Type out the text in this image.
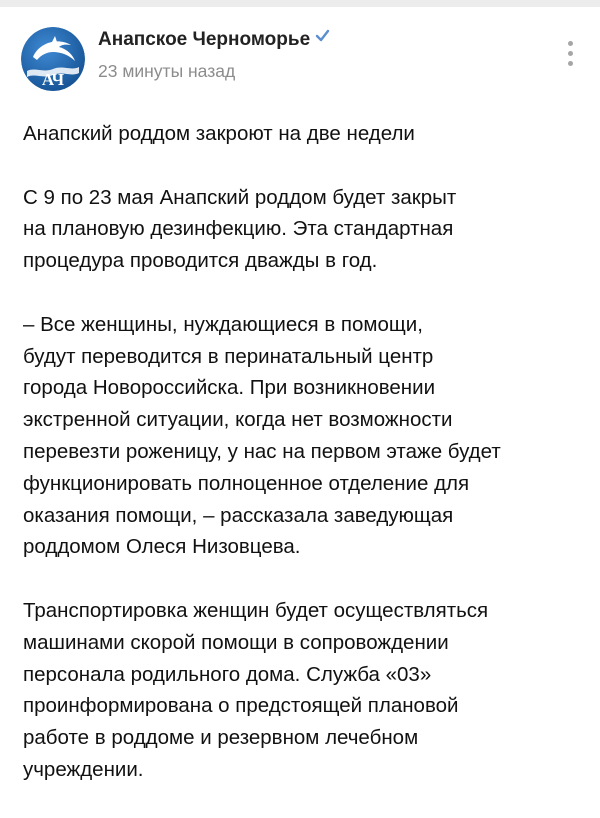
АЧ
Анапское Черноморье
23 минуты назад

Анапский роддом закроют на две недели

С 9 по 23 мая Анапский роддом будет закрыт
на плановую дезинфекцию. Эта стандартная
процедура проводится дважды в год.

– Все женщины, нуждающиеся в помощи,
будут переводится в перинатальный центр
города Новороссийска. При возникновении
экстренной ситуации, когда нет возможности
перевезти роженицу, у нас на первом этаже будет
функционировать полноценное отделение для
оказания помощи, – рассказала заведующая
роддомом Олеся Низовцева.

Транспортировка женщин будет осуществляться
машинами скорой помощи в сопровождении
персонала родильного дома. Служба «03»
проинформирована о предстоящей плановой
работе в роддоме и резервном лечебном
учреждении.
